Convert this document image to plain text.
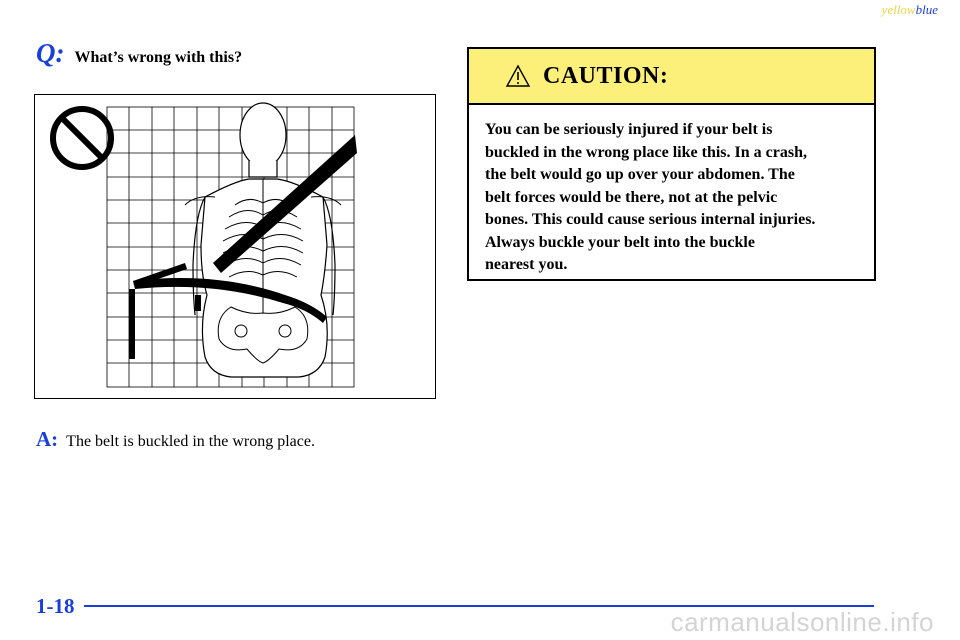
yellowblue
Q: What’s wrong with this?
A: The belt is buckled in the wrong place.
CAUTION:
You can be seriously injured if your belt is
buckled in the wrong place like this. In a crash,
the belt would go up over your abdomen. The
belt forces would be there, not at the pelvic
bones. This could cause serious internal injuries.
Always buckle your belt into the buckle
nearest you.
1-18
carmanualsonline.info
